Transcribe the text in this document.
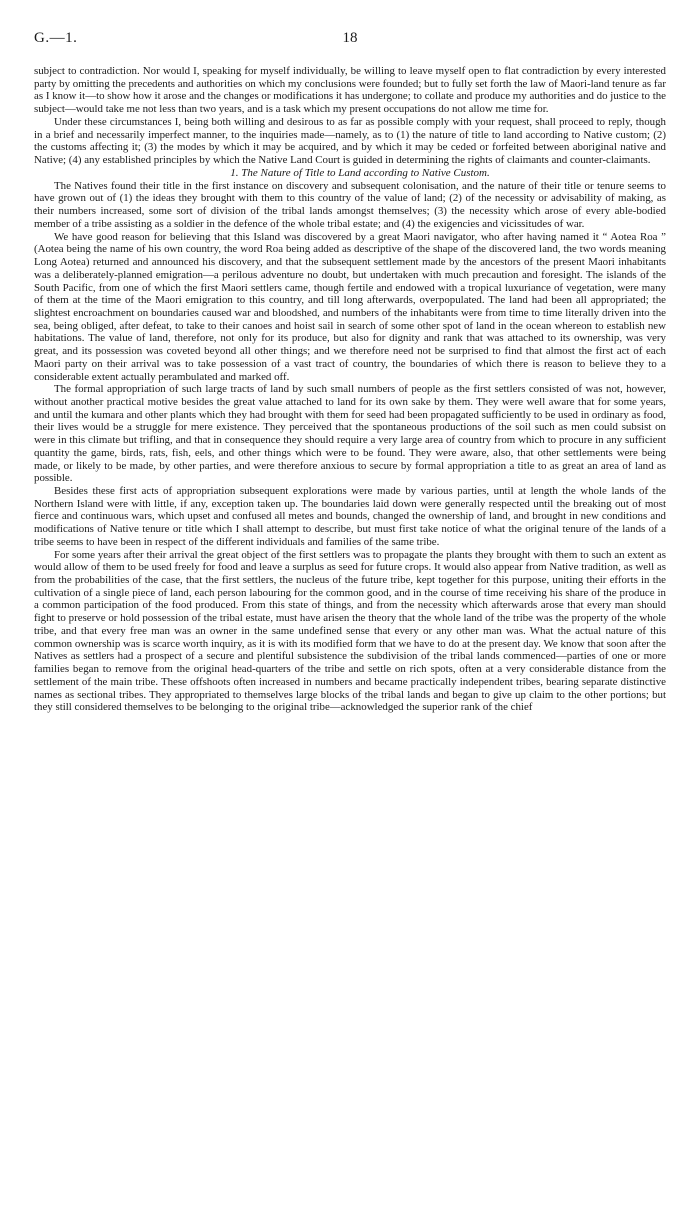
G.—1.	18

subject to contradiction. Nor would I, speaking for myself individually, be willing to leave myself open to flat contradiction by every interested party by omitting the precedents and authorities on which my conclusions were founded; but to fully set forth the law of Maori-land tenure as far as I know it—to show how it arose and the changes or modifications it has undergone; to collate and produce my authorities and do justice to the subject—would take me not less than two years, and is a task which my present occupations do not allow me time for.

Under these circumstances I, being both willing and desirous to as far as possible comply with your request, shall proceed to reply, though in a brief and necessarily imperfect manner, to the inquiries made—namely, as to (1) the nature of title to land according to Native custom; (2) the customs affecting it; (3) the modes by which it may be acquired, and by which it may be ceded or forfeited between aboriginal native and Native; (4) any established principles by which the Native Land Court is guided in determining the rights of claimants and counter-claimants.

1. The Nature of Title to Land according to Native Custom.

The Natives found their title in the first instance on discovery and subsequent colonisation, and the nature of their title or tenure seems to have grown out of (1) the ideas they brought with them to this country of the value of land; (2) of the necessity or advisability of making, as their numbers increased, some sort of division of the tribal lands amongst themselves; (3) the necessity which arose of every able-bodied member of a tribe assisting as a soldier in the defence of the whole tribal estate; and (4) the exigencies and vicissitudes of war.

We have good reason for believing that this Island was discovered by a great Maori navigator, who after having named it “ Aotea Roa ” (Aotea being the name of his own country, the word Roa being added as descriptive of the shape of the discovered land, the two words meaning Long Aotea) returned and announced his discovery, and that the subsequent settlement made by the ancestors of the present Maori inhabitants was a deliberately-planned emigration—a perilous adventure no doubt, but undertaken with much precaution and foresight. The islands of the South Pacific, from one of which the first Maori settlers came, though fertile and endowed with a tropical luxuriance of vegetation, were many of them at the time of the Maori emigration to this country, and till long afterwards, overpopulated. The land had been all appropriated; the slightest encroachment on boundaries caused war and bloodshed, and numbers of the inhabitants were from time to time literally driven into the sea, being obliged, after defeat, to take to their canoes and hoist sail in search of some other spot of land in the ocean whereon to establish new habitations. The value of land, therefore, not only for its produce, but also for dignity and rank that was attached to its ownership, was very great, and its possession was coveted beyond all other things; and we therefore need not be surprised to find that almost the first act of each Maori party on their arrival was to take possession of a vast tract of country, the boundaries of which there is reason to believe they to a considerable extent actually perambulated and marked off.

The formal appropriation of such large tracts of land by such small numbers of people as the first settlers consisted of was not, however, without another practical motive besides the great value attached to land for its own sake by them. They were well aware that for some years, and until the kumara and other plants which they had brought with them for seed had been propagated sufficiently to be used in ordinary as food, their lives would be a struggle for mere existence. They perceived that the spontaneous productions of the soil such as men could subsist on were in this climate but trifling, and that in consequence they should require a very large area of country from which to procure in any sufficient quantity the game, birds, rats, fish, eels, and other things which were to be found. They were aware, also, that other settlements were being made, or likely to be made, by other parties, and were therefore anxious to secure by formal appropriation a title to as great an area of land as possible.

Besides these first acts of appropriation subsequent explorations were made by various parties, until at length the whole lands of the Northern Island were with little, if any, exception taken up. The boundaries laid down were generally respected until the breaking out of most fierce and continuous wars, which upset and confused all metes and bounds, changed the ownership of land, and brought in new conditions and modifications of Native tenure or title which I shall attempt to describe, but must first take notice of what the original tenure of the lands of a tribe seems to have been in respect of the different individuals and families of the same tribe.

For some years after their arrival the great object of the first settlers was to propagate the plants they brought with them to such an extent as would allow of them to be used freely for food and leave a surplus as seed for future crops. It would also appear from Native tradition, as well as from the probabilities of the case, that the first settlers, the nucleus of the future tribe, kept together for this purpose, uniting their efforts in the cultivation of a single piece of land, each person labouring for the common good, and in the course of time receiving his share of the produce in a common participation of the food produced. From this state of things, and from the necessity which afterwards arose that every man should fight to preserve or hold possession of the tribal estate, must have arisen the theory that the whole land of the tribe was the property of the whole tribe, and that every free man was an owner in the same undefined sense that every or any other man was. What the actual nature of this common ownership was is scarce worth inquiry, as it is with its modified form that we have to do at the present day. We know that soon after the Natives as settlers had a prospect of a secure and plentiful subsistence the subdivision of the tribal lands commenced—parties of one or more families began to remove from the original head-quarters of the tribe and settle on rich spots, often at a very considerable distance from the settlement of the main tribe. These offshoots often increased in numbers and became practically independent tribes, bearing separate distinctive names as sectional tribes. They appropriated to themselves large blocks of the tribal lands and began to give up claim to the other portions; but they still considered themselves to be belonging to the original tribe—acknowledged the superior rank of the chief
